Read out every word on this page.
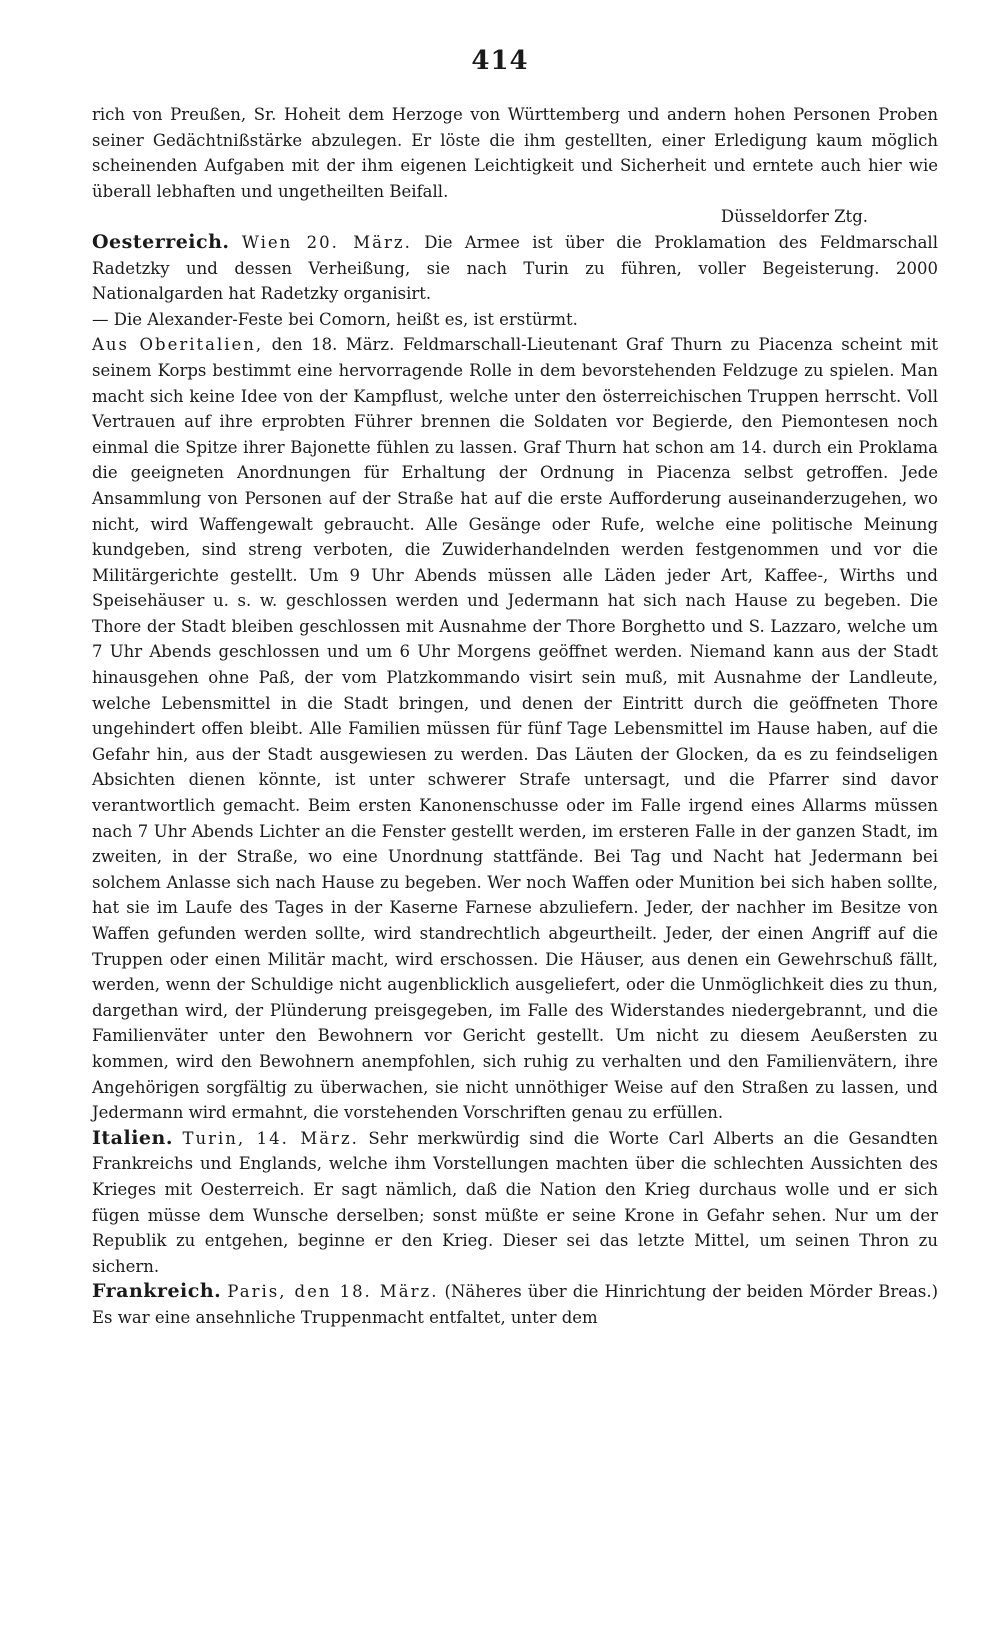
414

rich von Preußen, Sr. Hoheit dem Herzoge von Württemberg und andern hohen Personen Proben seiner Gedächtnißstärke abzulegen. Er löste die ihm gestellten, einer Erledigung kaum möglich scheinenden Aufgaben mit der ihm eigenen Leichtigkeit und Sicherheit und erntete auch hier wie überall lebhaften und ungetheilten Beifall.

Düsseldorfer Ztg.

Oesterreich. Wien 20. März. Die Armee ist über die Proklamation des Feldmarschall Radetzky und dessen Verheißung, sie nach Turin zu führen, voller Begeisterung. 2000 Nationalgarden hat Radetzky organisirt.

— Die Alexander-Feste bei Comorn, heißt es, ist erstürmt.

Aus Oberitalien, den 18. März. Feldmarschall-Lieutenant Graf Thurn zu Piacenza scheint mit seinem Korps bestimmt eine hervorragende Rolle in dem bevorstehenden Feldzuge zu spielen. Man macht sich keine Idee von der Kampflust, welche unter den österreichischen Truppen herrscht. Voll Vertrauen auf ihre erprobten Führer brennen die Soldaten vor Begierde, den Piemontesen noch einmal die Spitze ihrer Bajonette fühlen zu lassen. Graf Thurn hat schon am 14. durch ein Proklama die geeigneten Anordnungen für Erhaltung der Ordnung in Piacenza selbst getroffen. Jede Ansammlung von Personen auf der Straße hat auf die erste Aufforderung auseinanderzugehen, wo nicht, wird Waffengewalt gebraucht. Alle Gesänge oder Rufe, welche eine politische Meinung kundgeben, sind streng verboten, die Zuwiderhandelnden werden festgenommen und vor die Militärgerichte gestellt. Um 9 Uhr Abends müssen alle Läden jeder Art, Kaffee-, Wirths und Speisehäuser u. s. w. geschlossen werden und Jedermann hat sich nach Hause zu begeben. Die Thore der Stadt bleiben geschlossen mit Ausnahme der Thore Borghetto und S. Lazzaro, welche um 7 Uhr Abends geschlossen und um 6 Uhr Morgens geöffnet werden. Niemand kann aus der Stadt hinausgehen ohne Paß, der vom Platzkommando visirt sein muß, mit Ausnahme der Landleute, welche Lebensmittel in die Stadt bringen, und denen der Eintritt durch die geöffneten Thore ungehindert offen bleibt. Alle Familien müssen für fünf Tage Lebensmittel im Hause haben, auf die Gefahr hin, aus der Stadt ausgewiesen zu werden. Das Läuten der Glocken, da es zu feindseligen Absichten dienen könnte, ist unter schwerer Strafe untersagt, und die Pfarrer sind davor verantwortlich gemacht. Beim ersten Kanonenschusse oder im Falle irgend eines Allarms müssen nach 7 Uhr Abends Lichter an die Fenster gestellt werden, im ersteren Falle in der ganzen Stadt, im zweiten, in der Straße, wo eine Unordnung stattfände. Bei Tag und Nacht hat Jedermann bei solchem Anlasse sich nach Hause zu begeben. Wer noch Waffen oder Munition bei sich haben sollte, hat sie im Laufe des Tages in der Kaserne Farnese abzuliefern. Jeder, der nachher im Besitze von Waffen gefunden werden sollte, wird standrechtlich abgeurtheilt. Jeder, der einen Angriff auf die Truppen oder einen Militär macht, wird erschossen. Die Häuser, aus denen ein Gewehrschuß fällt, werden, wenn der Schuldige nicht augenblicklich ausgeliefert, oder die Unmöglichkeit dies zu thun, dargethan wird, der Plünderung preisgegeben, im Falle des Widerstandes niedergebrannt, und die Familienväter unter den Bewohnern vor Gericht gestellt. Um nicht zu diesem Aeußersten zu kommen, wird den Bewohnern anempfohlen, sich ruhig zu verhalten und den Familienvätern, ihre Angehörigen sorgfältig zu überwachen, sie nicht unnöthiger Weise auf den Straßen zu lassen, und Jedermann wird ermahnt, die vorstehenden Vorschriften genau zu erfüllen.

Italien. Turin, 14. März. Sehr merkwürdig sind die Worte Carl Alberts an die Gesandten Frankreichs und Englands, welche ihm Vorstellungen machten über die schlechten Aussichten des Krieges mit Oesterreich. Er sagt nämlich, daß die Nation den Krieg durchaus wolle und er sich fügen müsse dem Wunsche derselben; sonst müßte er seine Krone in Gefahr sehen. Nur um der Republik zu entgehen, beginne er den Krieg. Dieser sei das letzte Mittel, um seinen Thron zu sichern.

Frankreich. Paris, den 18. März. (Näheres über die Hinrichtung der beiden Mörder Breas.) Es war eine ansehnliche Truppenmacht entfaltet, unter dem
